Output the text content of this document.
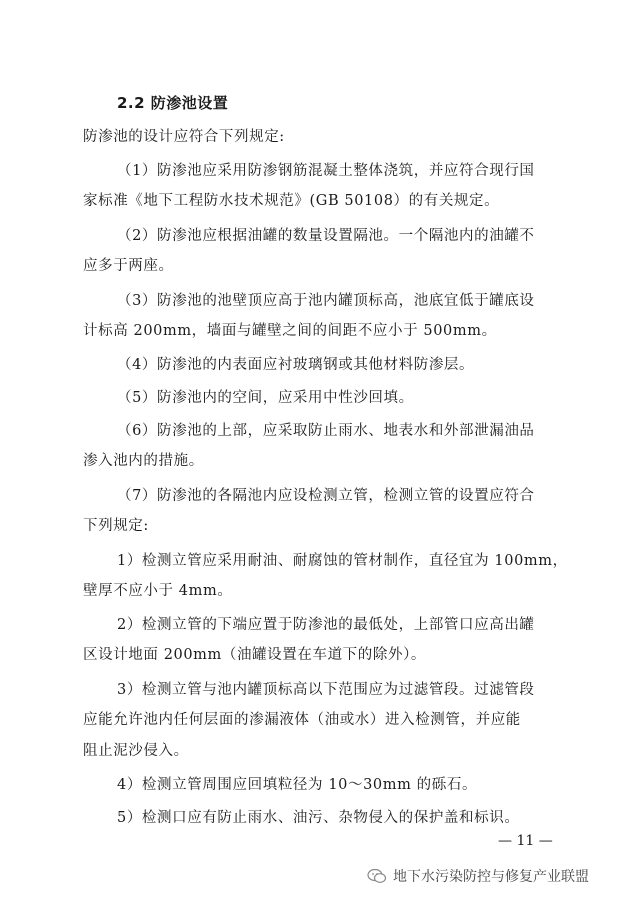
2.2 防渗池设置
防渗池的设计应符合下列规定:
（1）防渗池应采用防渗钢筋混凝土整体浇筑，并应符合现行国
家标准《地下工程防水技术规范》(GB 50108）的有关规定。
（2）防渗池应根据油罐的数量设置隔池。一个隔池内的油罐不
应多于两座。
（3）防渗池的池壁顶应高于池内罐顶标高，池底宜低于罐底设
计标高 200mm，墙面与罐壁之间的间距不应小于 500mm。
（4）防渗池的内表面应衬玻璃钢或其他材料防渗层。
（5）防渗池内的空间，应采用中性沙回填。
（6）防渗池的上部，应采取防止雨水、地表水和外部泄漏油品
渗入池内的措施。
（7）防渗池的各隔池内应设检测立管，检测立管的设置应符合
下列规定:
1）检测立管应采用耐油、耐腐蚀的管材制作，直径宜为 100mm，
壁厚不应小于 4mm。
2）检测立管的下端应置于防渗池的最低处，上部管口应高出罐
区设计地面 200mm（油罐设置在车道下的除外）。
3）检测立管与池内罐顶标高以下范围应为过滤管段。过滤管段
应能允许池内任何层面的渗漏液体（油或水）进入检测管，并应能
阻止泥沙侵入。
4）检测立管周围应回填粒径为 10～30mm 的砾石。
5）检测口应有防止雨水、油污、杂物侵入的保护盖和标识。
— 11 —
地下水污染防控与修复产业联盟
